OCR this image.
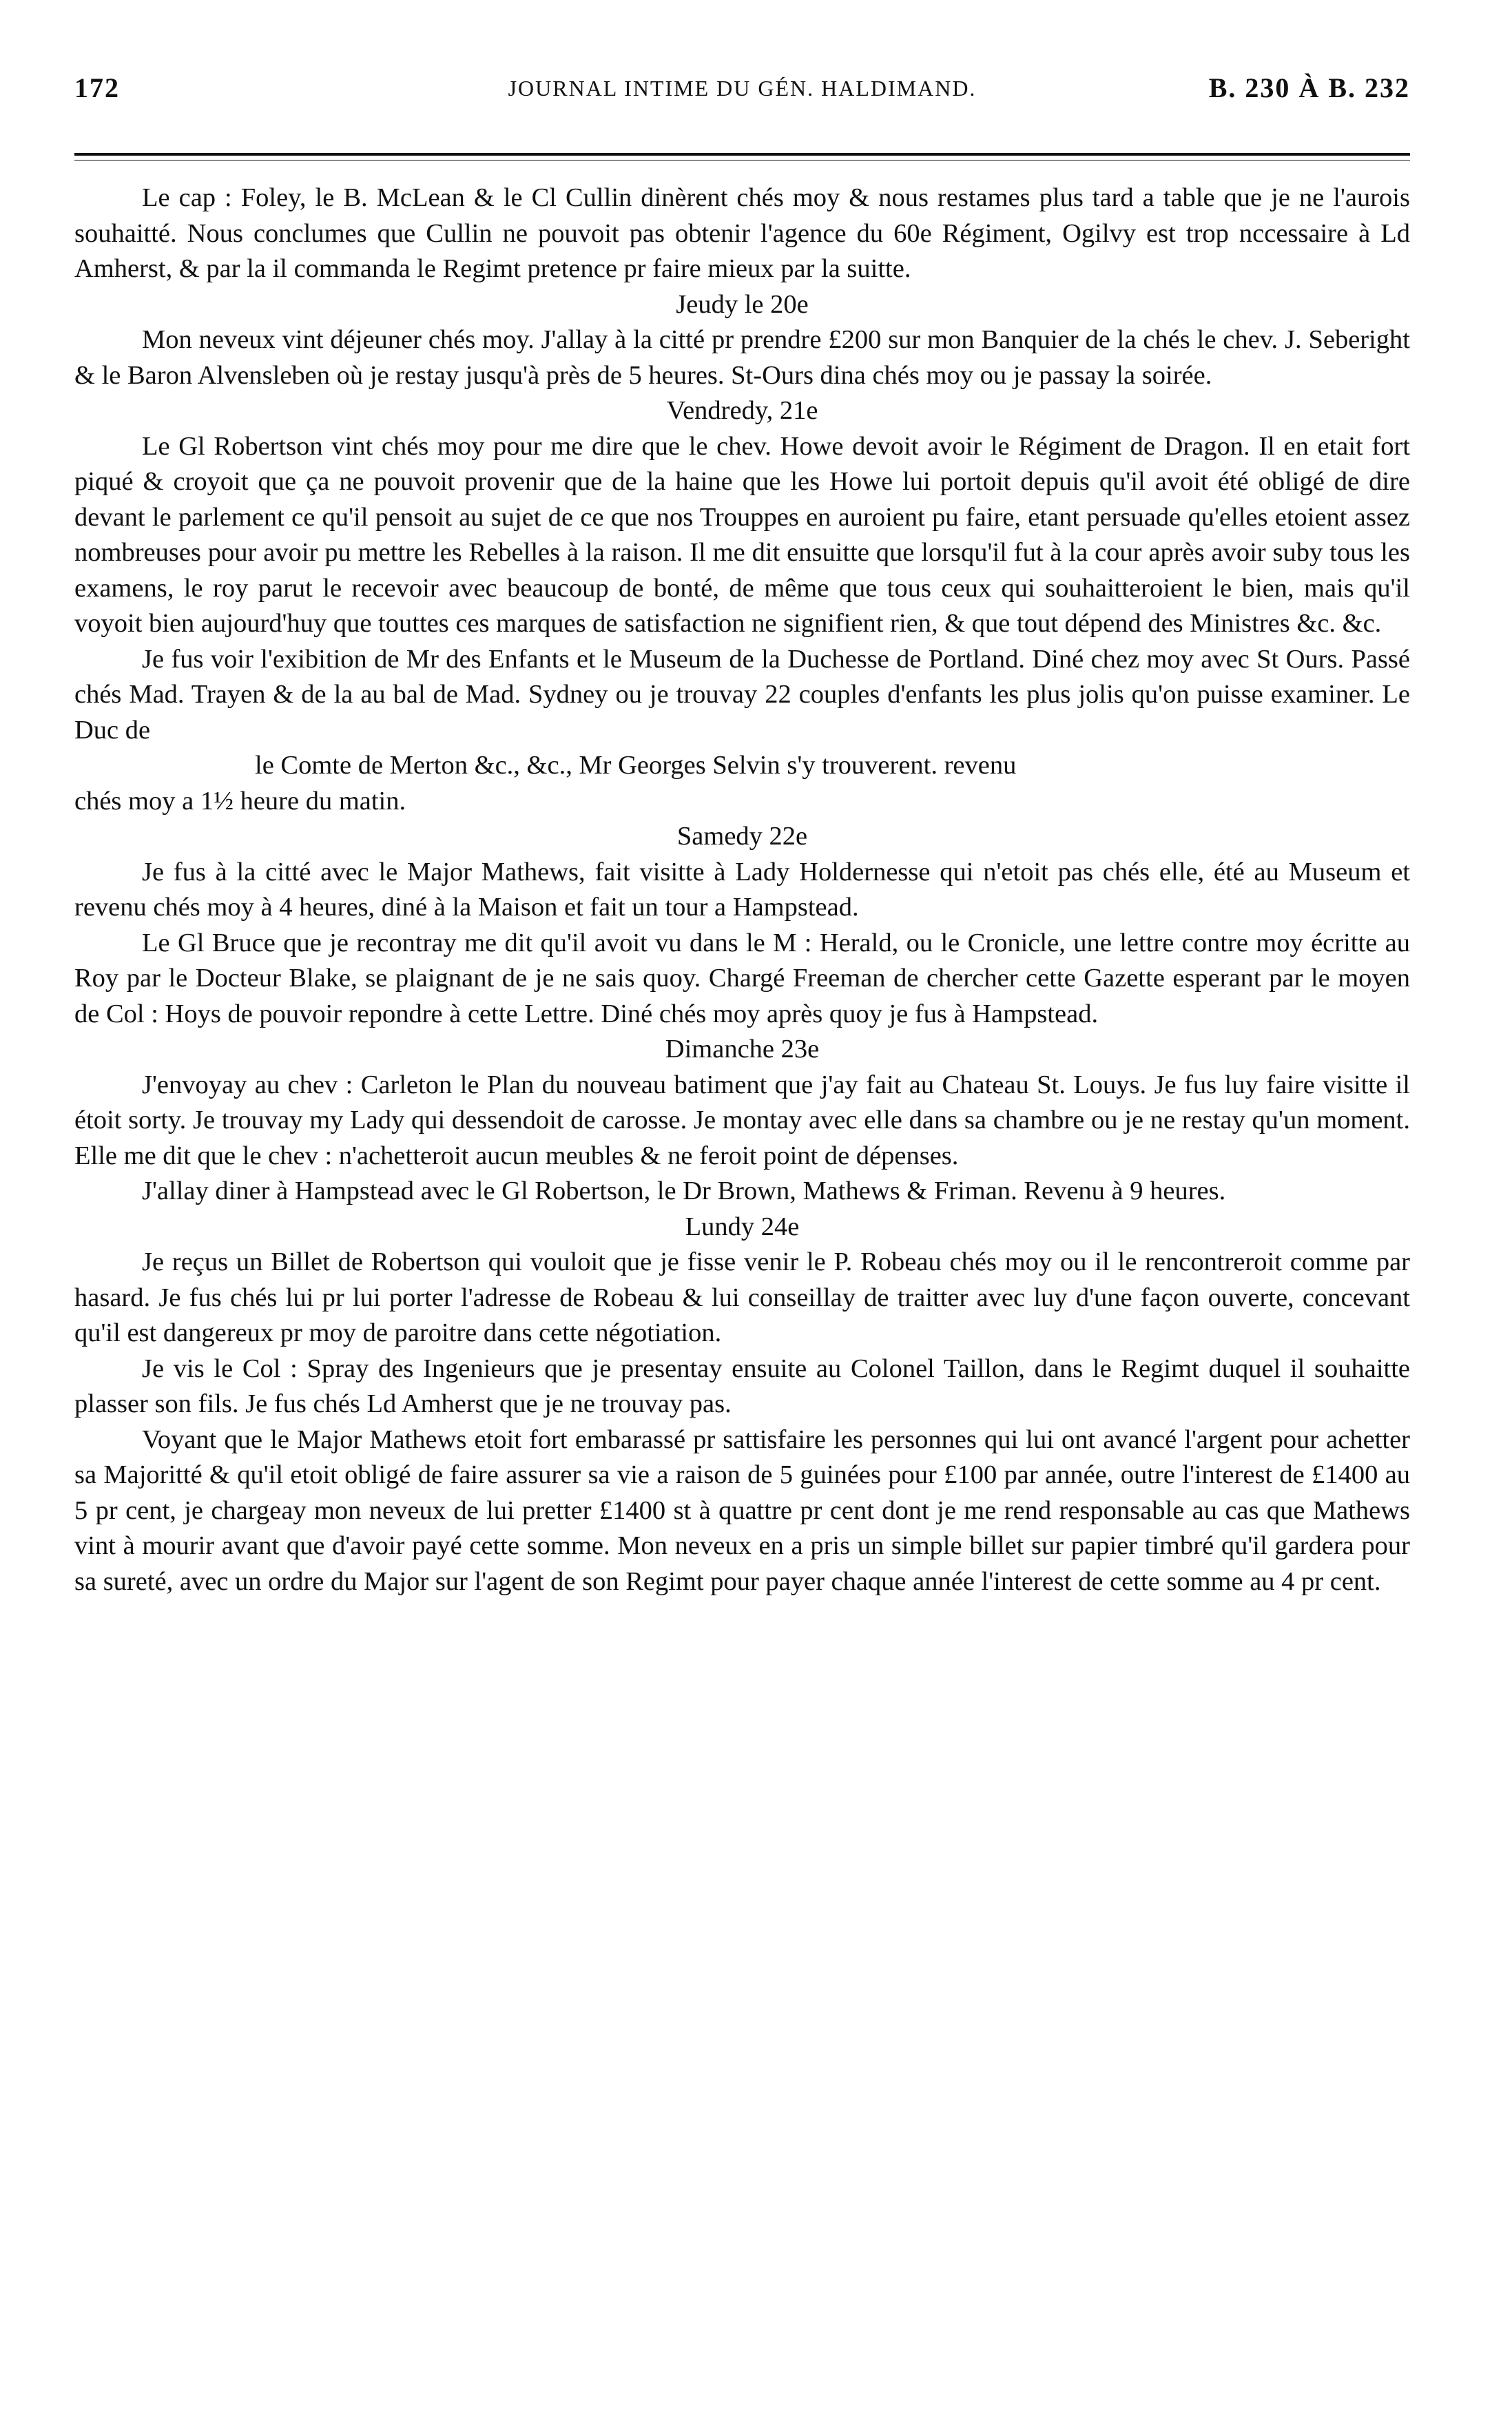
172	JOURNAL INTIME DU GÉN. HALDIMAND.	B. 230 À B. 232

Le cap : Foley, le B. McLean & le Cl Cullin dinèrent chés moy & nous restames plus tard a table que je ne l'aurois souhaitté. Nous conclumes que Cullin ne pouvoit pas obtenir l'agence du 60e Régiment, Ogilvy est trop nccessaire à Ld Amherst, & par la il commanda le Regimt pretence pr faire mieux par la suitte.

Jeudy le 20e

Mon neveux vint déjeuner chés moy. J'allay à la citté pr prendre £200 sur mon Banquier de la chés le chev. J. Seberight & le Baron Alvensleben où je restay jusqu'à près de 5 heures. St-Ours dina chés moy ou je passay la soirée.

Vendredy, 21e

Le Gl Robertson vint chés moy pour me dire que le chev. Howe devoit avoir le Régiment de Dragon. Il en etait fort piqué & croyoit que ça ne pouvoit provenir que de la haine que les Howe lui portoit depuis qu'il avoit été obligé de dire devant le parlement ce qu'il pensoit au sujet de ce que nos Trouppes en auroient pu faire, etant persuade qu'elles etoient assez nombreuses pour avoir pu mettre les Rebelles à la raison. Il me dit ensuitte que lorsqu'il fut à la cour après avoir suby tous les examens, le roy parut le recevoir avec beaucoup de bonté, de même que tous ceux qui souhaitteroient le bien, mais qu'il voyoit bien aujourd'huy que touttes ces marques de satisfaction ne signifient rien, & que tout dépend des Ministres &c. &c.

Je fus voir l'exibition de Mr des Enfants et le Museum de la Duchesse de Portland. Diné chez moy avec St Ours. Passé chés Mad. Trayen & de la au bal de Mad. Sydney ou je trouvay 22 couples d'enfants les plus jolis qu'on puisse examiner. Le Duc de

le Comte de Merton &c., &c., Mr Georges Selvin s'y trouverent. revenu

chés moy a 1½ heure du matin.

Samedy 22e

Je fus à la citté avec le Major Mathews, fait visitte à Lady Holdernesse qui n'etoit pas chés elle, été au Museum et revenu chés moy à 4 heures, diné à la Maison et fait un tour a Hampstead.

Le Gl Bruce que je recontray me dit qu'il avoit vu dans le M : Herald, ou le Cronicle, une lettre contre moy écritte au Roy par le Docteur Blake, se plaignant de je ne sais quoy. Chargé Freeman de chercher cette Gazette esperant par le moyen de Col : Hoys de pouvoir repondre à cette Lettre. Diné chés moy après quoy je fus à Hampstead.

Dimanche 23e

J'envoyay au chev : Carleton le Plan du nouveau batiment que j'ay fait au Chateau St. Louys. Je fus luy faire visitte il étoit sorty. Je trouvay my Lady qui dessendoit de carosse. Je montay avec elle dans sa chambre ou je ne restay qu'un moment. Elle me dit que le chev : n'achetteroit aucun meubles & ne feroit point de dépenses.

J'allay diner à Hampstead avec le Gl Robertson, le Dr Brown, Mathews & Friman. Revenu à 9 heures.

Lundy 24e

Je reçus un Billet de Robertson qui vouloit que je fisse venir le P. Robeau chés moy ou il le rencontreroit comme par hasard. Je fus chés lui pr lui porter l'adresse de Robeau & lui conseillay de traitter avec luy d'une façon ouverte, concevant qu'il est dangereux pr moy de paroitre dans cette négotiation.

Je vis le Col : Spray des Ingenieurs que je presentay ensuite au Colonel Taillon, dans le Regimt duquel il souhaitte plasser son fils. Je fus chés Ld Amherst que je ne trouvay pas.

Voyant que le Major Mathews etoit fort embarassé pr sattisfaire les personnes qui lui ont avancé l'argent pour achetter sa Majoritté & qu'il etoit obligé de faire assurer sa vie a raison de 5 guinées pour £100 par année, outre l'interest de £1400 au 5 pr cent, je chargeay mon neveux de lui pretter £1400 st à quattre pr cent dont je me rend responsable au cas que Mathews vint à mourir avant que d'avoir payé cette somme. Mon neveux en a pris un simple billet sur papier timbré qu'il gardera pour sa sureté, avec un ordre du Major sur l'agent de son Regimt pour payer chaque année l'interest de cette somme au 4 pr cent.
